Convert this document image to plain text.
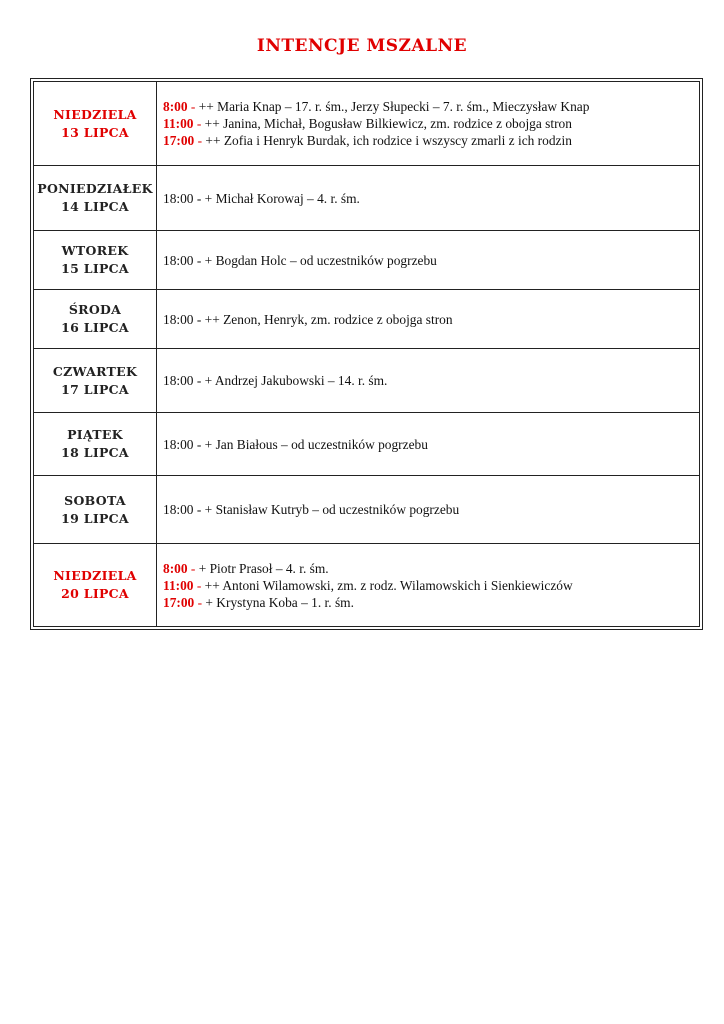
INTENCJE MSZALNE
NIEDZIELA
13 LIPCA
8:00 - ++ Maria Knap – 17. r. śm., Jerzy Słupecki – 7. r. śm., Mieczysław Knap
11:00 - ++ Janina, Michał, Bogusław Bilkiewicz, zm. rodzice z obojga stron
17:00 - ++ Zofia i Henryk Burdak, ich rodzice i wszyscy zmarli z ich rodzin
PONIEDZIAŁEK
14 LIPCA
18:00 - + Michał Korowaj – 4. r. śm.
WTOREK
15 LIPCA
18:00 - + Bogdan Holc – od uczestników pogrzebu
ŚRODA
16 LIPCA
18:00 - ++ Zenon, Henryk, zm. rodzice z obojga stron
CZWARTEK
17 LIPCA
18:00 - + Andrzej Jakubowski – 14. r. śm.
PIĄTEK
18 LIPCA
18:00 - + Jan Białous – od uczestników pogrzebu
SOBOTA
19 LIPCA
18:00 - + Stanisław Kutryb – od uczestników pogrzebu
NIEDZIELA
20 LIPCA
8:00 - + Piotr Prasoł – 4. r. śm.
11:00 - ++ Antoni Wilamowski, zm. z rodz. Wilamowskich i Sienkiewiczów
17:00 - + Krystyna Koba – 1. r. śm.
